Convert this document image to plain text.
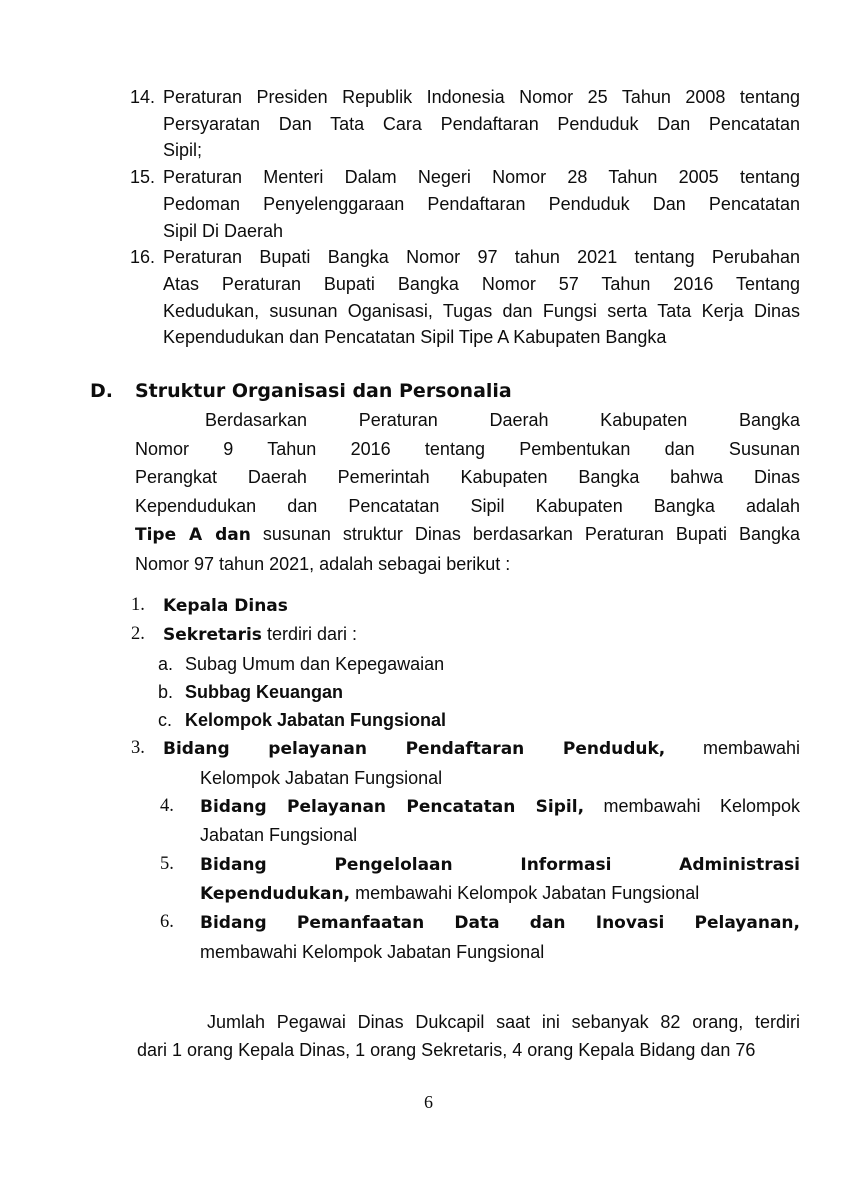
14. Peraturan Presiden Republik Indonesia Nomor 25 Tahun 2008 tentang
Persyaratan Dan Tata Cara Pendaftaran Penduduk Dan Pencatatan
Sipil;
15. Peraturan Menteri Dalam Negeri Nomor 28 Tahun 2005 tentang
Pedoman Penyelenggaraan Pendaftaran Penduduk Dan Pencatatan
Sipil Di Daerah
16. Peraturan Bupati Bangka Nomor 97 tahun 2021 tentang Perubahan
Atas Peraturan Bupati Bangka Nomor 57 Tahun 2016 Tentang
Kedudukan, susunan Oganisasi, Tugas dan Fungsi serta Tata Kerja Dinas
Kependudukan dan Pencatatan Sipil Tipe A Kabupaten Bangka
D. Struktur Organisasi dan Personalia
Berdasarkan Peraturan Daerah Kabupaten Bangka
Nomor 9 Tahun 2016 tentang Pembentukan dan Susunan
Perangkat Daerah Pemerintah Kabupaten Bangka bahwa Dinas
Kependudukan dan Pencatatan Sipil Kabupaten Bangka adalah
Tipe A dan susunan struktur Dinas berdasarkan Peraturan Bupati Bangka
Nomor 97 tahun 2021, adalah sebagai berikut :
1. Kepala Dinas
2. Sekretaris terdiri dari :
a. Subag Umum dan Kepegawaian
b. Subbag Keuangan
c. Kelompok Jabatan Fungsional
3. Bidang pelayanan Pendaftaran Penduduk, membawahi
Kelompok Jabatan Fungsional
4. Bidang Pelayanan Pencatatan Sipil, membawahi Kelompok
Jabatan Fungsional
5. Bidang Pengelolaan Informasi Administrasi
Kependudukan, membawahi Kelompok Jabatan Fungsional
6. Bidang Pemanfaatan Data dan Inovasi Pelayanan,
membawahi Kelompok Jabatan Fungsional
Jumlah Pegawai Dinas Dukcapil saat ini sebanyak 82 orang, terdiri
dari 1 orang Kepala Dinas, 1 orang Sekretaris, 4 orang Kepala Bidang dan 76
6
